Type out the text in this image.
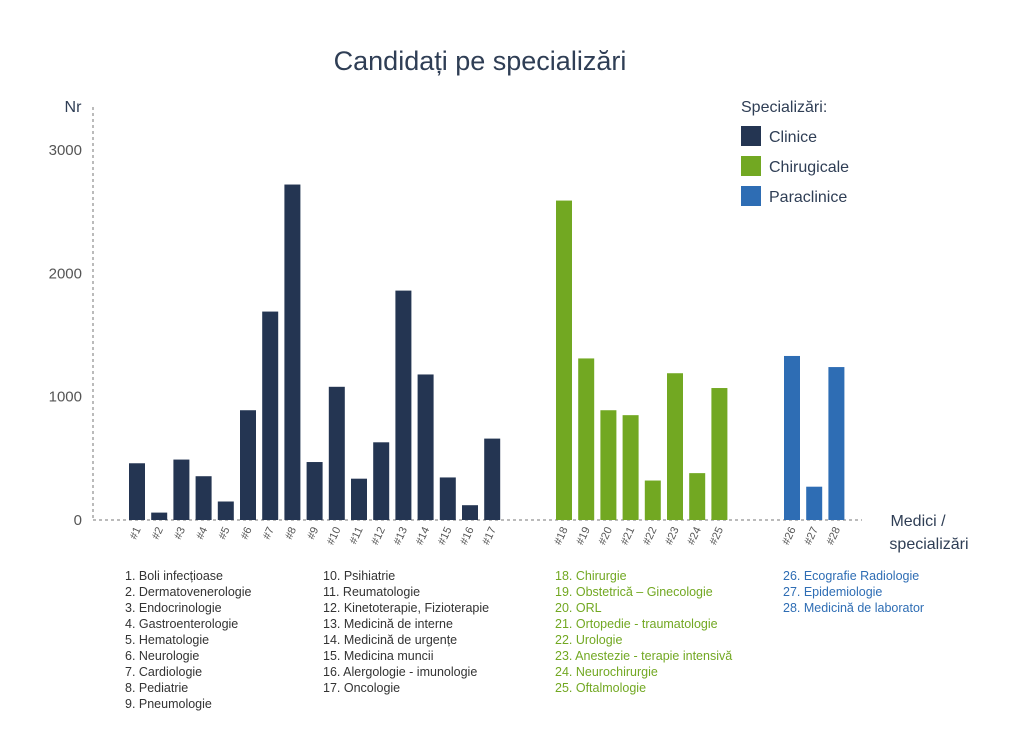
Candidați pe specializări
Nr
Medici /
specializări
0
1000
2000
3000
#1 #2 #3 #4 #5 #6 #7 #8 #9 #10 #11 #12 #13 #14 #15 #16 #17	#18 #19 #20 #21 #22 #23 #24 #25	#26 #27 #28
Specializări:
Clinice
Chirugicale
Paraclinice
1. Boli infecțioase
2. Dermatovenerologie
3. Endocrinologie
4. Gastroenterologie
5. Hematologie
6. Neurologie
7. Cardiologie
8. Pediatrie
9. Pneumologie
10. Psihiatrie
11. Reumatologie
12. Kinetoterapie, Fizioterapie
13. Medicină de interne
14. Medicină de urgențe
15. Medicina muncii
16. Alergologie - imunologie
17. Oncologie
18. Chirurgie
19. Obstetrică – Ginecologie
20. ORL
21. Ortopedie - traumatologie
22. Urologie
23. Anestezie - terapie intensivă
24. Neurochirurgie
25. Oftalmologie
26. Ecografie Radiologie
27. Epidemiologie
28. Medicină de laborator
